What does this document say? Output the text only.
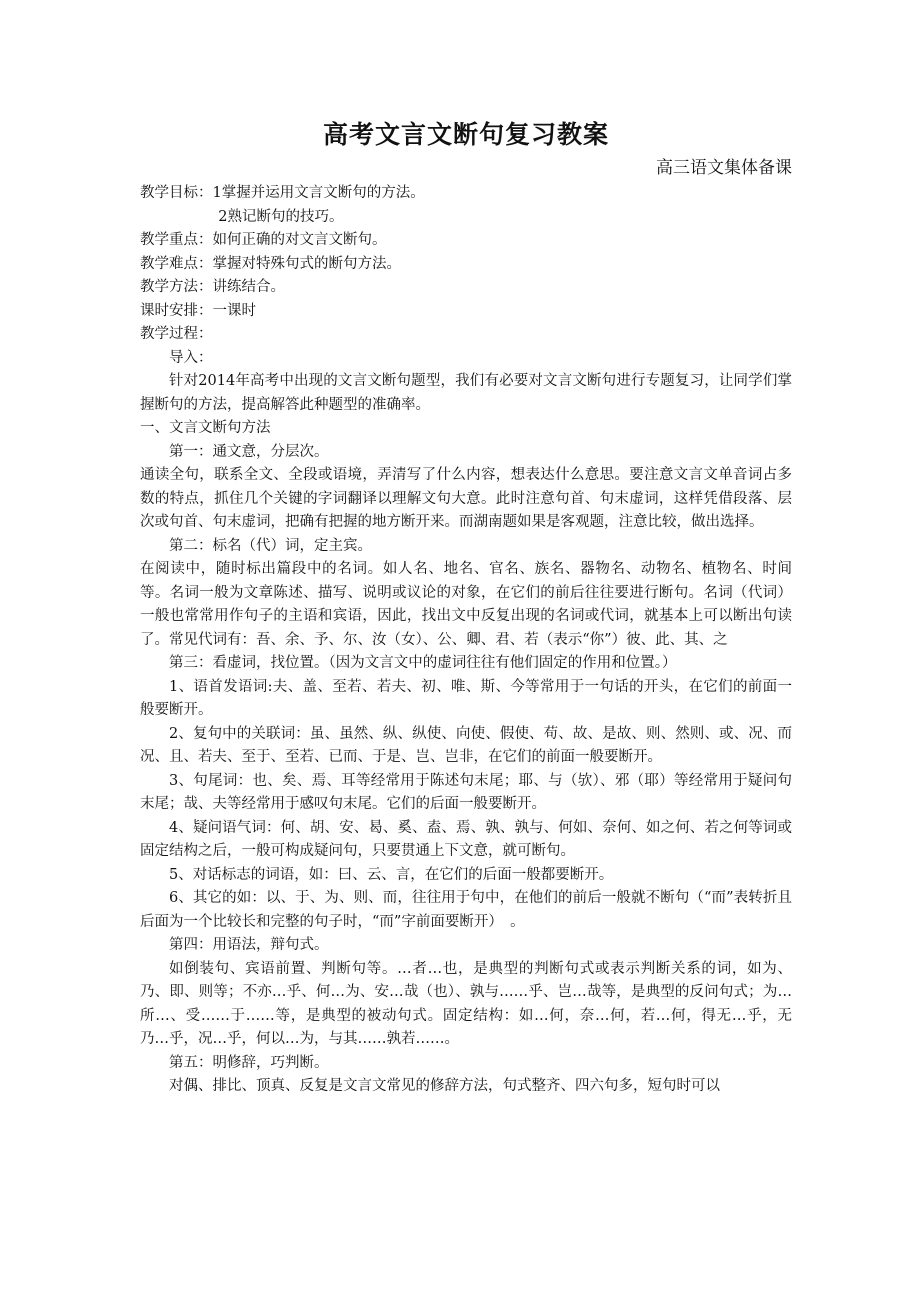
高考文言文断句复习教案
高三语文集体备课

教学目标：1掌握并运用文言文断句的方法。

2熟记断句的技巧。

教学重点：如何正确的对文言文断句。

教学难点：掌握对特殊句式的断句方法。

教学方法：讲练结合。

课时安排：一课时

教学过程：

导入：

针对2014年高考中出现的文言文断句题型，我们有必要对文言文断句进行专题复习，让同学们掌握断句的方法，提高解答此种题型的准确率。

一、文言文断句方法

第一：通文意，分层次。

通读全句，联系全文、全段或语境，弄清写了什么内容，想表达什么意思。要注意文言文单音词占多数的特点，抓住几个关键的字词翻译以理解文句大意。此时注意句首、句末虚词，这样凭借段落、层次或句首、句末虚词，把确有把握的地方断开来。而湖南题如果是客观题，注意比较，做出选择。

第二：标名（代）词，定主宾。

在阅读中，随时标出篇段中的名词。如人名、地名、官名、族名、器物名、动物名、植物名、时间等。名词一般为文章陈述、描写、说明或议论的对象，在它们的前后往往要进行断句。名词（代词）一般也常常用作句子的主语和宾语，因此，找出文中反复出现的名词或代词，就基本上可以断出句读了。常见代词有：吾、余、予、尔、汝（女）、公、卿、君、若（表示“你”）彼、此、其、之

第三：看虚词，找位置。（因为文言文中的虚词往往有他们固定的作用和位置。）

1、语首发语词:夫、盖、至若、若夫、初、唯、斯、今等常用于一句话的开头，在它们的前面一般要断开。

2、复句中的关联词：虽、虽然、纵、纵使、向使、假使、苟、故、是故、则、然则、或、况、而况、且、若夫、至于、至若、已而、于是、岂、岂非，在它们的前面一般要断开。

3、句尾词：也、矣、焉、耳等经常用于陈述句末尾；耶、与（欤）、邪（耶）等经常用于疑问句末尾；哉、夫等经常用于感叹句末尾。它们的后面一般要断开。

4、疑问语气词：何、胡、安、曷、奚、盍、焉、孰、孰与、何如、奈何、如之何、若之何等词或固定结构之后，一般可构成疑问句，只要贯通上下文意，就可断句。

5、对话标志的词语，如：曰、云、言，在它们的后面一般都要断开。

6、其它的如：以、于、为、则、而，往往用于句中，在他们的前后一般就不断句（“而”表转折且后面为一个比较长和完整的句子时，“而”字前面要断开）　。

第四：用语法，辩句式。

如倒装句、宾语前置、判断句等。…者…也，是典型的判断句式或表示判断关系的词，如为、乃、即、则等；不亦…乎、何…为、安…哉（也）、孰与……乎、岂…哉等，是典型的反问句式；为…所…、受……于……等，是典型的被动句式。固定结构：如…何，奈…何，若…何，得无…乎，无乃…乎，况…乎，何以…为，与其……孰若……。

第五：明修辞，巧判断。

对偶、排比、顶真、反复是文言文常见的修辞方法，句式整齐、四六句多，短句时可以
